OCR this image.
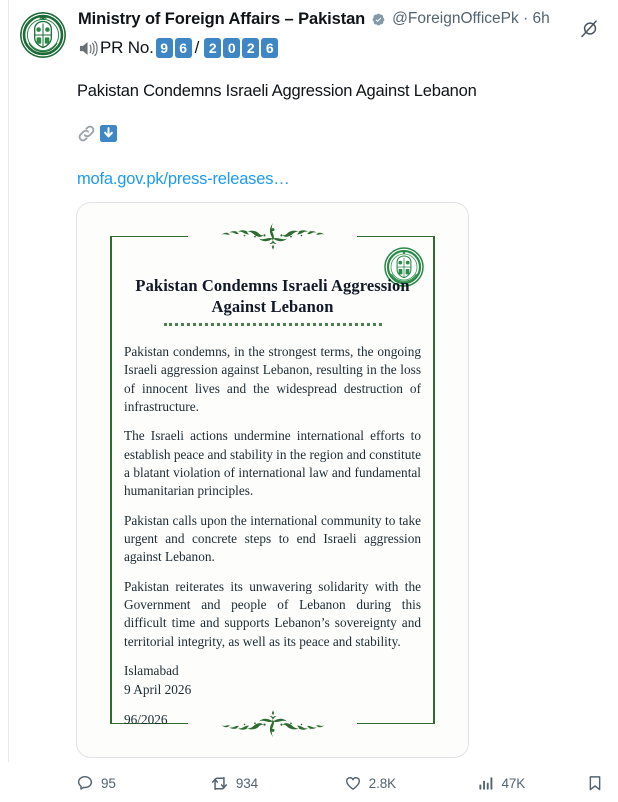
PAKISTAN
Ministry of Foreign Affairs – Pakistan @ForeignOfficePk · 6h
PR No. 9 6 / 2 0 2 6
Pakistan Condemns Israeli Aggression Against Lebanon
mofa.gov.pk/press-releases…
Pakistan Condemns Israeli Aggression Against Lebanon

Pakistan condemns, in the strongest terms, the ongoing Israeli aggression against Lebanon, resulting in the loss of innocent lives and the widespread destruction of infrastructure.

The Israeli actions undermine international efforts to establish peace and stability in the region and constitute a blatant violation of international law and fundamental humanitarian principles.

Pakistan calls upon the international community to take urgent and concrete steps to end Israeli aggression against Lebanon.

Pakistan reiterates its unwavering solidarity with the Government and people of Lebanon during this difficult time and supports Lebanon’s sovereignty and territorial integrity, as well as its peace and stability.

Islamabad
9 April 2026
96/2026
95	934	2.8K	47K
